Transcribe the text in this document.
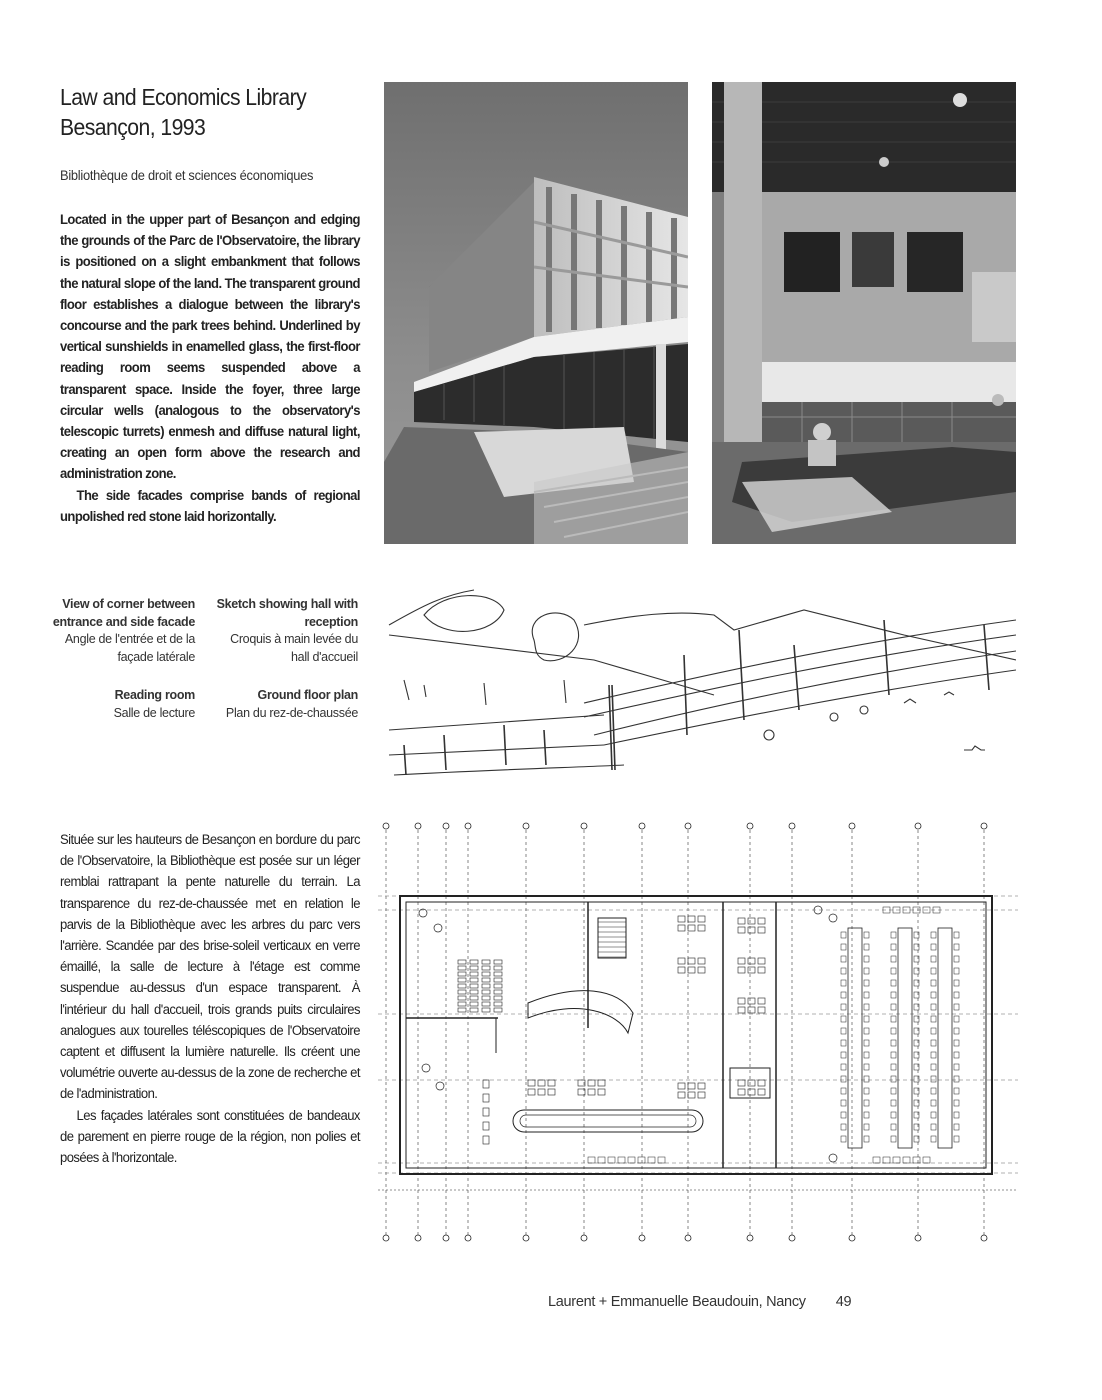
Law and Economics Library
Besançon, 1993
Bibliothèque de droit et sciences économiques

Located in the upper part of Besançon and edging the grounds of the Parc de l'Observatoire, the library is positioned on a slight embankment that follows the natural slope of the land. The transparent ground floor establishes a dialogue between the library's concourse and the park trees behind. Underlined by vertical sunshields in enamelled glass, the first-floor reading room seems suspended above a transparent space. Inside the foyer, three large circular wells (analogous to the observatory's telescopic turrets) enmesh and diffuse natural light, creating an open form above the research and administration zone.

The side facades comprise bands of regional unpolished red stone laid horizontally.

View of corner between
entrance and side facade
Angle de l'entrée et de la
façade latérale
Sketch showing hall with
reception
Croquis à main levée du
hall d'accueil
Reading room
Salle de lecture
Ground floor plan
Plan du rez-de-chaussée

Située sur les hauteurs de Besançon en bordure du parc de l'Observatoire, la Bibliothèque est posée sur un léger remblai rattrapant la pente naturelle du terrain. La transparence du rez-de-chaussée met en relation le parvis de la Bibliothèque avec les arbres du parc vers l'arrière. Scandée par des brise-soleil verticaux en verre émaillé, la salle de lecture à l'étage est comme suspendue au-dessus d'un espace transparent. À l'intérieur du hall d'accueil, trois grands puits circulaires analogues aux tourelles téléscopiques de l'Observatoire captent et diffusent la lumière naturelle. Ils créent une volumétrie ouverte au-dessus de la zone de recherche et de l'administration.

Les façades latérales sont constituées de bandeaux de parement en pierre rouge de la région, non polies et posées à l'horizontale.

Laurent + Emmanuelle Beaudouin, Nancy 49
